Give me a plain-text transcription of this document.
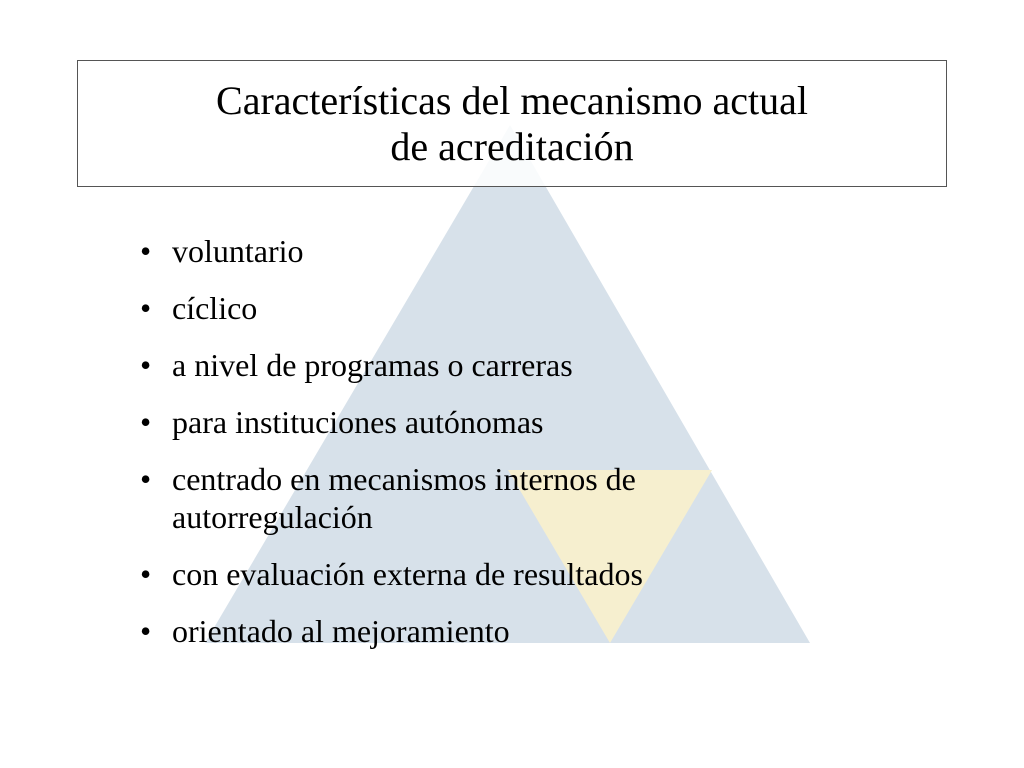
Características del mecanismo actual
de acreditación
• voluntario
• cíclico
• a nivel de programas o carreras
• para instituciones autónomas
• centrado en mecanismos internos de autorregulación
• con evaluación externa de resultados
• orientado al mejoramiento
